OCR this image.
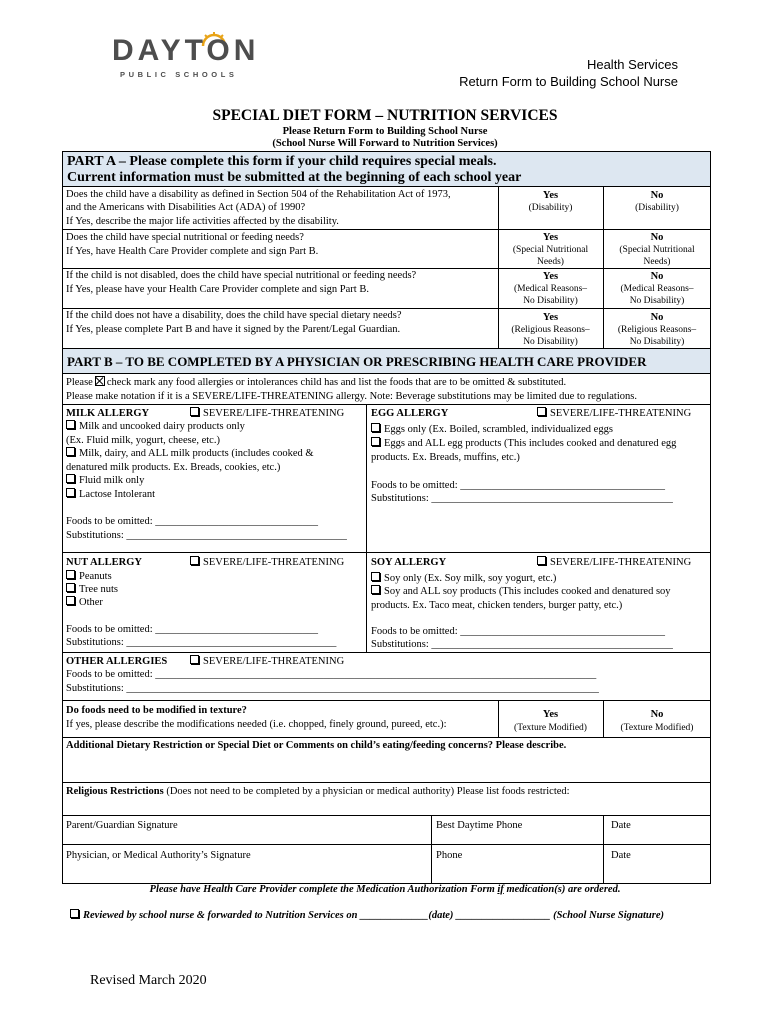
DAYTON
PUBLIC SCHOOLS
Health Services
Return Form to Building School Nurse
SPECIAL DIET FORM – NUTRITION SERVICES
Please Return Form to Building School Nurse
(School Nurse Will Forward to Nutrition Services)
PART A – Please complete this form if your child requires special meals.
Current information must be submitted at the beginning of each school year
Does the child have a disability as defined in Section 504 of the Rehabilitation Act of 1973,
and the Americans with Disabilities Act (ADA) of 1990?
If Yes, describe the major life activities affected by the disability.
Yes
(Disability)
No
(Disability)
Does the child have special nutritional or feeding needs?
If Yes, have Health Care Provider complete and sign Part B.
Yes
(Special Nutritional
Needs)
No
(Special Nutritional
Needs)
If the child is not disabled, does the child have special nutritional or feeding needs?
If Yes, please have your Health Care Provider complete and sign Part B.
Yes
(Medical Reasons–
No Disability)
No
(Medical Reasons–
No Disability)
If the child does not have a disability, does the child have special dietary needs?
If Yes, please complete Part B and have it signed by the Parent/Legal Guardian.
Yes
(Religious Reasons–
No Disability)
No
(Religious Reasons–
No Disability)
PART B – TO BE COMPLETED BY A PHYSICIAN OR PRESCRIBING HEALTH CARE PROVIDER
Please check mark any food allergies or intolerances child has and list the foods that are to be omitted & substituted.
Please make notation if it is a SEVERE/LIFE-THREATENING allergy. Note: Beverage substitutions may be limited due to regulations.
MILK ALLERGY	SEVERE/LIFE-THREATENING
Milk and uncooked dairy products only
(Ex. Fluid milk, yogurt, cheese, etc.)
Milk, dairy, and ALL milk products (includes cooked &
denatured milk products. Ex. Breads, cookies, etc.)
Fluid milk only
Lactose Intolerant
Foods to be omitted: _______________________________
Substitutions: __________________________________________
EGG ALLERGY	SEVERE/LIFE-THREATENING
Eggs only (Ex. Boiled, scrambled, individualized eggs
Eggs and ALL egg products (This includes cooked and denatured egg
products. Ex. Breads, muffins, etc.)
Foods to be omitted: _______________________________________
Substitutions: ______________________________________________
NUT ALLERGY	SEVERE/LIFE-THREATENING
Peanuts
Tree nuts
Other
Foods to be omitted: _______________________________
Substitutions: ________________________________________
SOY ALLERGY	SEVERE/LIFE-THREATENING
Soy only (Ex. Soy milk, soy yogurt, etc.)
Soy and ALL soy products (This includes cooked and denatured soy
products. Ex. Taco meat, chicken tenders, burger patty, etc.)
Foods to be omitted: _______________________________________
Substitutions: ______________________________________________
OTHER ALLERGIES	SEVERE/LIFE-THREATENING
Foods to be omitted: ____________________________________________________________________________________
Substitutions: __________________________________________________________________________________________
Do foods need to be modified in texture?
If yes, please describe the modifications needed (i.e. chopped, finely ground, pureed, etc.):
Yes
(Texture Modified)
No
(Texture Modified)
Additional Dietary Restriction or Special Diet or Comments on child’s eating/feeding concerns? Please describe.
Religious Restrictions (Does not need to be completed by a physician or medical authority) Please list foods restricted:
Parent/Guardian Signature	Best Daytime Phone	Date
Physician, or Medical Authority’s Signature	Phone	Date
Please have Health Care Provider complete the Medication Authorization Form if medication(s) are ordered.
Reviewed by school nurse & forwarded to Nutrition Services on _____________(date) __________________ (School Nurse Signature)
Revised March 2020
